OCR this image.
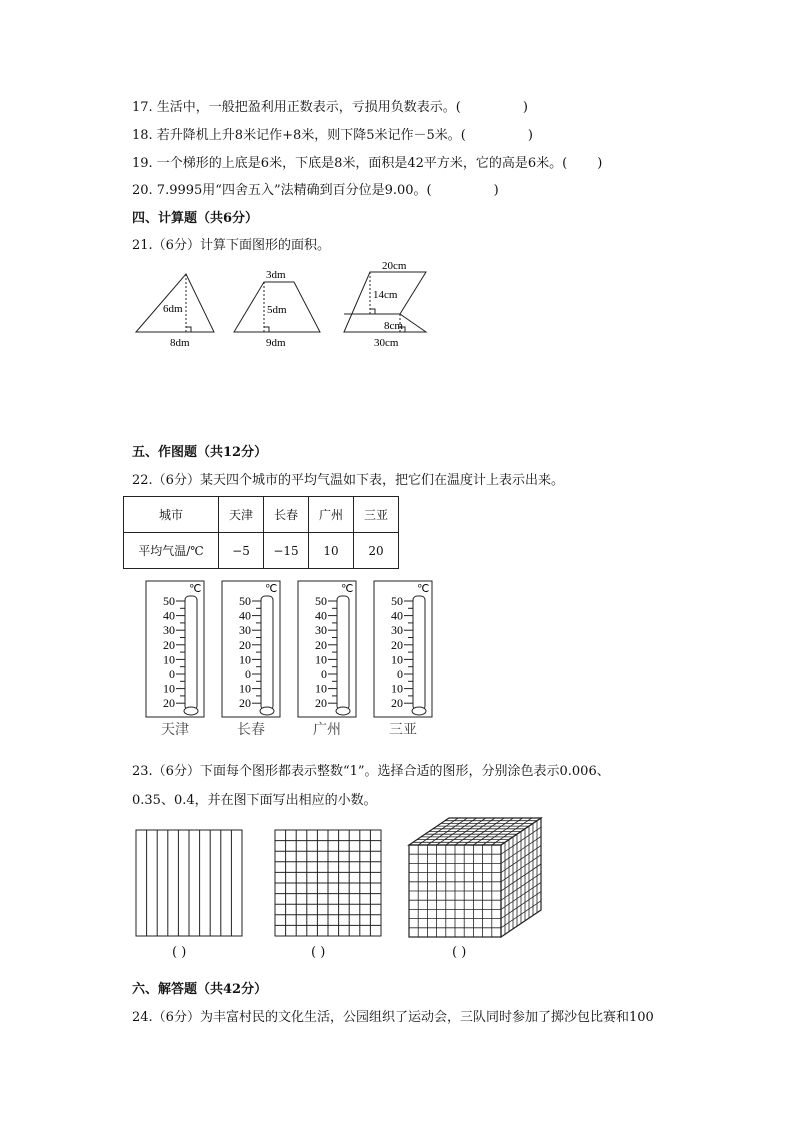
17. 生活中，一般把盈利用正数表示，亏损用负数表示。(	)
18. 若升降机上升8米记作+8米，则下降5米记作－5米。(	)
19. 一个梯形的上底是6米，下底是8米，面积是42平方米，它的高是6米。( )
20. 7.9995用“四舍五入”法精确到百分位是9.00。(	)
四、计算题（共6分）
21.（6分）计算下面图形的面积。
6dm
8dm
3dm
5dm
9dm
20cm
14cm
8cm
30cm
五、作图题（共12分）
22.（6分）某天四个城市的平均气温如下表，把它们在温度计上表示出来。
城市	天津	长春	广州	三亚
平均气温/℃	−5	−15	10	20
℃
50
40
30
20
10
0
10
20
天津
℃
50
40
30
20
10
0
10
20
长春
℃
50
40
30
20
10
0
10
20
广州
℃
50
40
30
20
10
0
10
20
三亚
23.（6分）下面每个图形都表示整数“1”。选择合适的图形，分别涂色表示0.006、
0.35、0.4，并在图下面写出相应的小数。
( )	( )	( )
六、解答题（共42分）
24.（6分）为丰富村民的文化生活，公园组织了运动会，三队同时参加了掷沙包比赛和100
